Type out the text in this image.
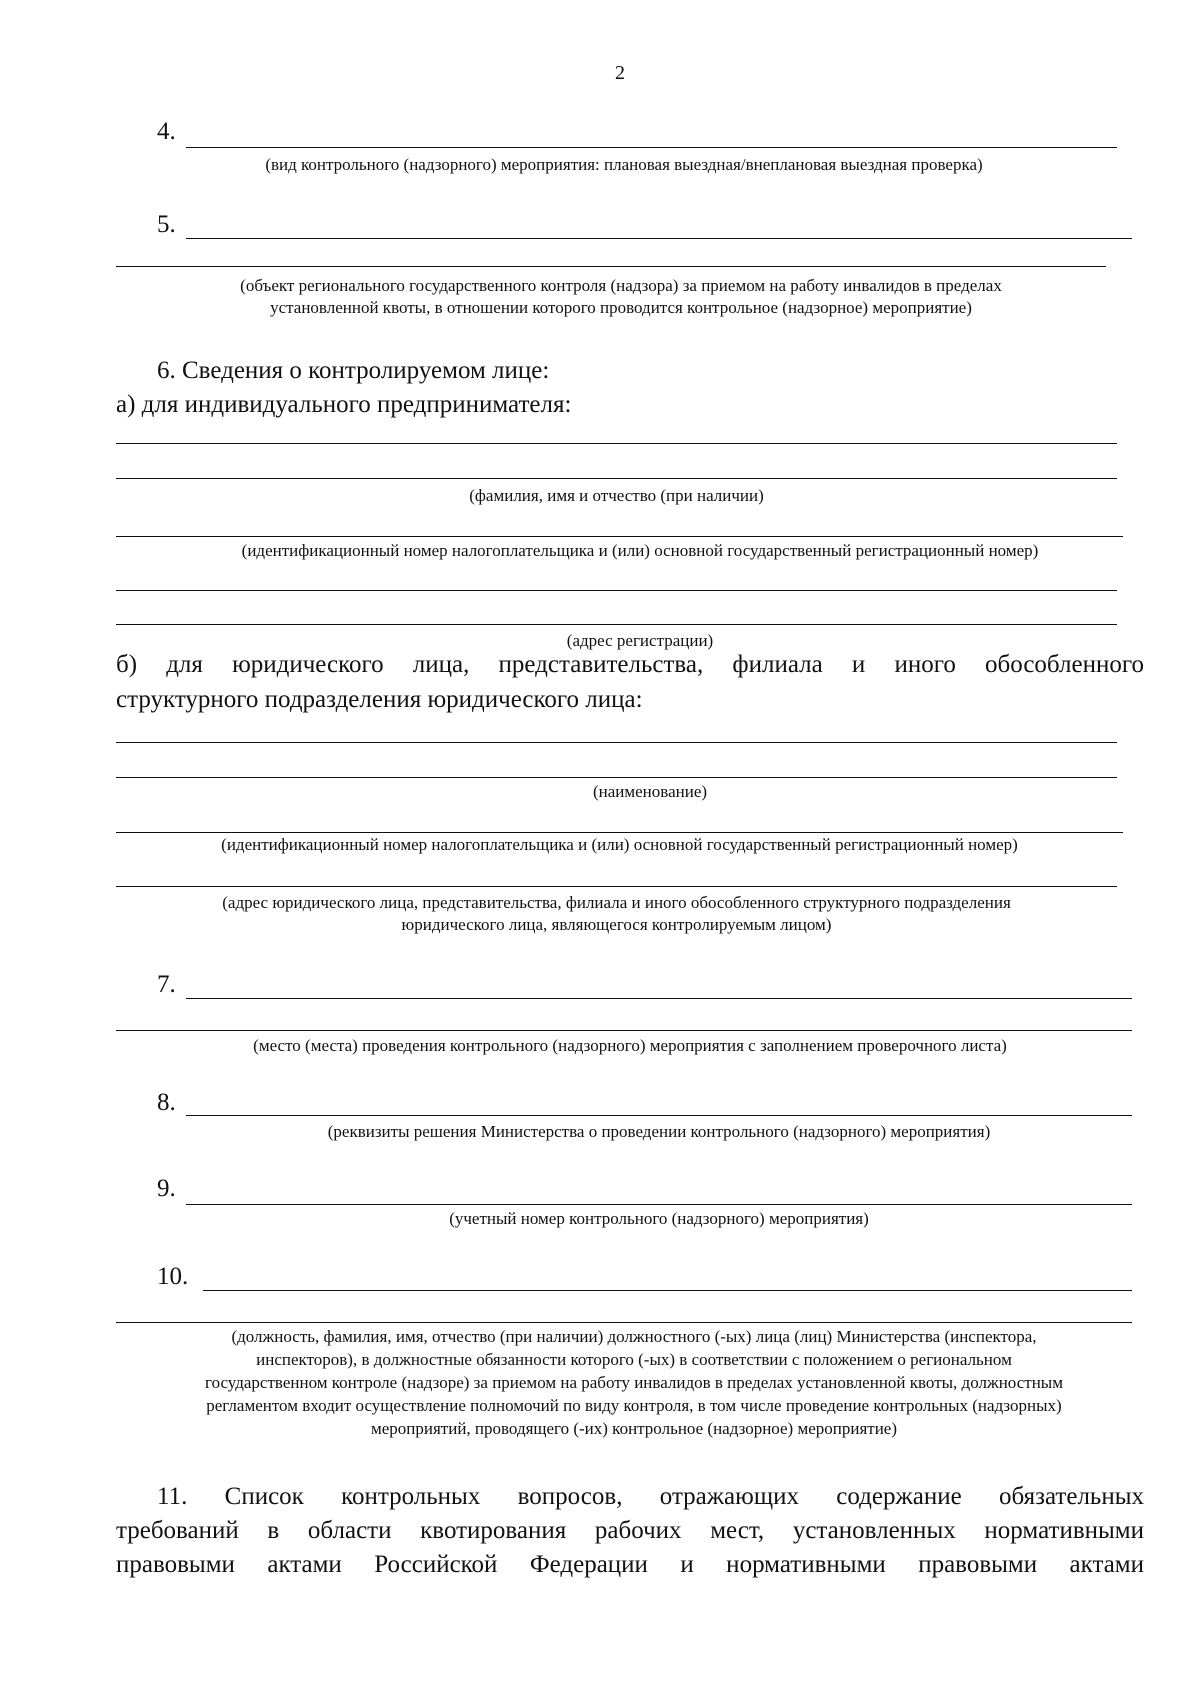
2
4.
(вид контрольного (надзорного) мероприятия: плановая выездная/внеплановая выездная проверка)
5.
(объект регионального государственного контроля (надзора) за приемом на работу инвалидов в пределах
установленной квоты, в отношении которого проводится контрольное (надзорное) мероприятие)
6. Сведения о контролируемом лице:
а) для индивидуального предпринимателя:
(фамилия, имя и отчество (при наличии)
(идентификационный номер налогоплательщика и (или) основной государственный регистрационный номер)
(адрес регистрации)
б) для юридического лица, представительства, филиала и иного обособленного
структурного подразделения юридического лица:
(наименование)
(идентификационный номер налогоплательщика и (или) основной государственный регистрационный номер)
(адрес юридического лица, представительства, филиала и иного обособленного структурного подразделения
юридического лица, являющегося контролируемым лицом)
7.
(место (места) проведения контрольного (надзорного) мероприятия с заполнением проверочного листа)
8.
(реквизиты решения Министерства о проведении контрольного (надзорного) мероприятия)
9.
(учетный номер контрольного (надзорного) мероприятия)
10.
(должность, фамилия, имя, отчество (при наличии) должностного (-ых) лица (лиц) Министерства (инспектора,
инспекторов), в должностные обязанности которого (-ых) в соответствии с положением о региональном
государственном контроле (надзоре) за приемом на работу инвалидов в пределах установленной квоты, должностным
регламентом входит осуществление полномочий по виду контроля, в том числе проведение контрольных (надзорных)
мероприятий, проводящего (-их) контрольное (надзорное) мероприятие)
11. Список контрольных вопросов, отражающих содержание обязательных
требований в области квотирования рабочих мест, установленных нормативными
правовыми актами Российской Федерации и нормативными правовыми актами
